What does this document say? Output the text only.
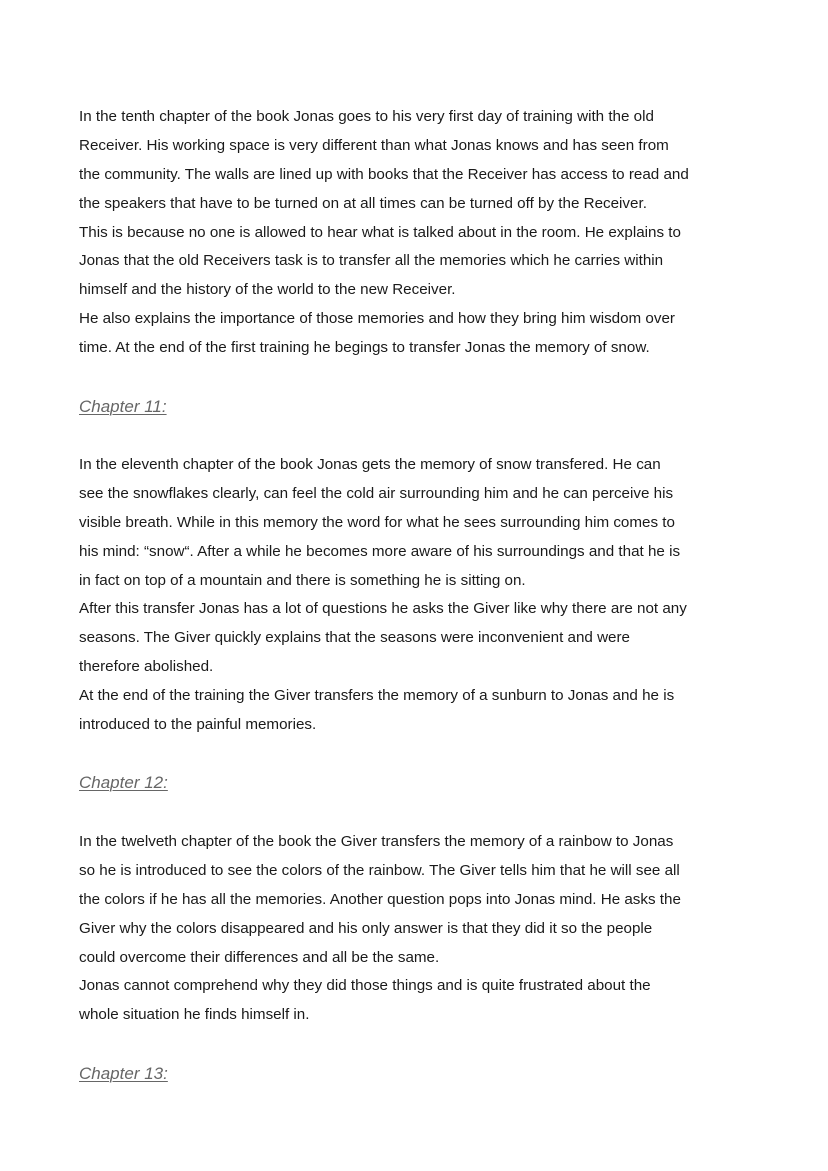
In the tenth chapter of the book Jonas goes to his very first day of training with the old
Receiver. His working space is very different than what Jonas knows and has seen from
the community. The walls are lined up with books that the Receiver has access to read and
the speakers that have to be turned on at all times can be turned off by the Receiver.
This is because no one is allowed to hear what is talked about in the room. He explains to
Jonas that the old Receivers task is to transfer all the memories which he carries within
himself and the history of the world to the new Receiver.
He also explains the importance of those memories and how they bring him wisdom over
time. At the end of the first training he begings to transfer Jonas the memory of snow.
Chapter 11:
In the eleventh chapter of the book Jonas gets the memory of snow transfered. He can
see the snowflakes clearly, can feel the cold air surrounding him and he can perceive his
visible breath. While in this memory the word for what he sees surrounding him comes to
his mind: “snow“. After a while he becomes more aware of his surroundings and that he is
in fact on top of a mountain and there is something he is sitting on.
After this transfer Jonas has a lot of questions he asks the Giver like why there are not any
seasons. The Giver quickly explains that the seasons were inconvenient and were
therefore abolished.
At the end of the training the Giver transfers the memory of a sunburn to Jonas and he is
introduced to the painful memories.
Chapter 12:
In the twelveth chapter of the book the Giver transfers the memory of a rainbow to Jonas
so he is introduced to see the colors of the rainbow. The Giver tells him that he will see all
the colors if he has all the memories. Another question pops into Jonas mind. He asks the
Giver why the colors disappeared and his only answer is that they did it so the people
could overcome their differences and all be the same.
Jonas cannot comprehend why they did those things and is quite frustrated about the
whole situation he finds himself in.
Chapter 13:
